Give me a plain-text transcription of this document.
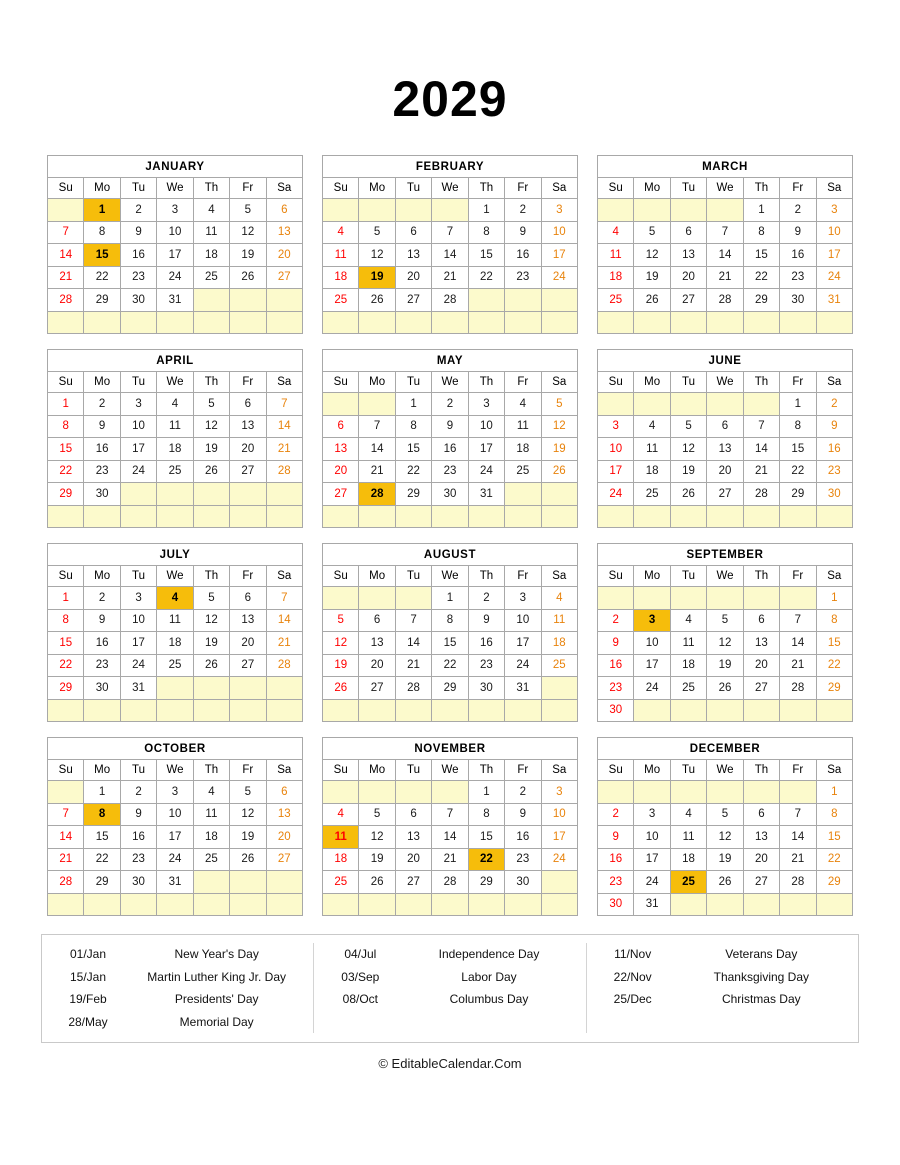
2029
JANUARY						
Su	Mo	Tu	We	Th	Fr	Sa
	1	2	3	4	5	6
7	8	9	10	11	12	13
14	15	16	17	18	19	20
21	22	23	24	25	26	27
28	29	30	31			

FEBRUARY						
Su	Mo	Tu	We	Th	Fr	Sa
				1	2	3
4	5	6	7	8	9	10
11	12	13	14	15	16	17
18	19	20	21	22	23	24
25	26	27	28			

MARCH						
Su	Mo	Tu	We	Th	Fr	Sa
				1	2	3
4	5	6	7	8	9	10
11	12	13	14	15	16	17
18	19	20	21	22	23	24
25	26	27	28	29	30	31

APRIL						
Su	Mo	Tu	We	Th	Fr	Sa
1	2	3	4	5	6	7
8	9	10	11	12	13	14
15	16	17	18	19	20	21
22	23	24	25	26	27	28
29	30					

MAY						
Su	Mo	Tu	We	Th	Fr	Sa
		1	2	3	4	5
6	7	8	9	10	11	12
13	14	15	16	17	18	19
20	21	22	23	24	25	26
27	28	29	30	31		

JUNE						
Su	Mo	Tu	We	Th	Fr	Sa
					1	2
3	4	5	6	7	8	9
10	11	12	13	14	15	16
17	18	19	20	21	22	23
24	25	26	27	28	29	30

JULY						
Su	Mo	Tu	We	Th	Fr	Sa
1	2	3	4	5	6	7
8	9	10	11	12	13	14
15	16	17	18	19	20	21
22	23	24	25	26	27	28
29	30	31				

AUGUST						
Su	Mo	Tu	We	Th	Fr	Sa
			1	2	3	4
5	6	7	8	9	10	11
12	13	14	15	16	17	18
19	20	21	22	23	24	25
26	27	28	29	30	31	

SEPTEMBER						
Su	Mo	Tu	We	Th	Fr	Sa
						1
2	3	4	5	6	7	8
9	10	11	12	13	14	15
16	17	18	19	20	21	22
23	24	25	26	27	28	29
30						
OCTOBER						
Su	Mo	Tu	We	Th	Fr	Sa
	1	2	3	4	5	6
7	8	9	10	11	12	13
14	15	16	17	18	19	20
21	22	23	24	25	26	27
28	29	30	31			

NOVEMBER						
Su	Mo	Tu	We	Th	Fr	Sa
				1	2	3
4	5	6	7	8	9	10
11	12	13	14	15	16	17
18	19	20	21	22	23	24
25	26	27	28	29	30	

DECEMBER						
Su	Mo	Tu	We	Th	Fr	Sa
						1
2	3	4	5	6	7	8
9	10	11	12	13	14	15
16	17	18	19	20	21	22
23	24	25	26	27	28	29
30	31					
01/Jan	New Year's Day
15/Jan	Martin Luther King Jr. Day
19/Feb	Presidents' Day
28/May	Memorial Day
04/Jul	Independence Day
03/Sep	Labor Day
08/Oct	Columbus Day
11/Nov	Veterans Day
22/Nov	Thanksgiving Day
25/Dec	Christmas Day
© EditableCalendar.Com
